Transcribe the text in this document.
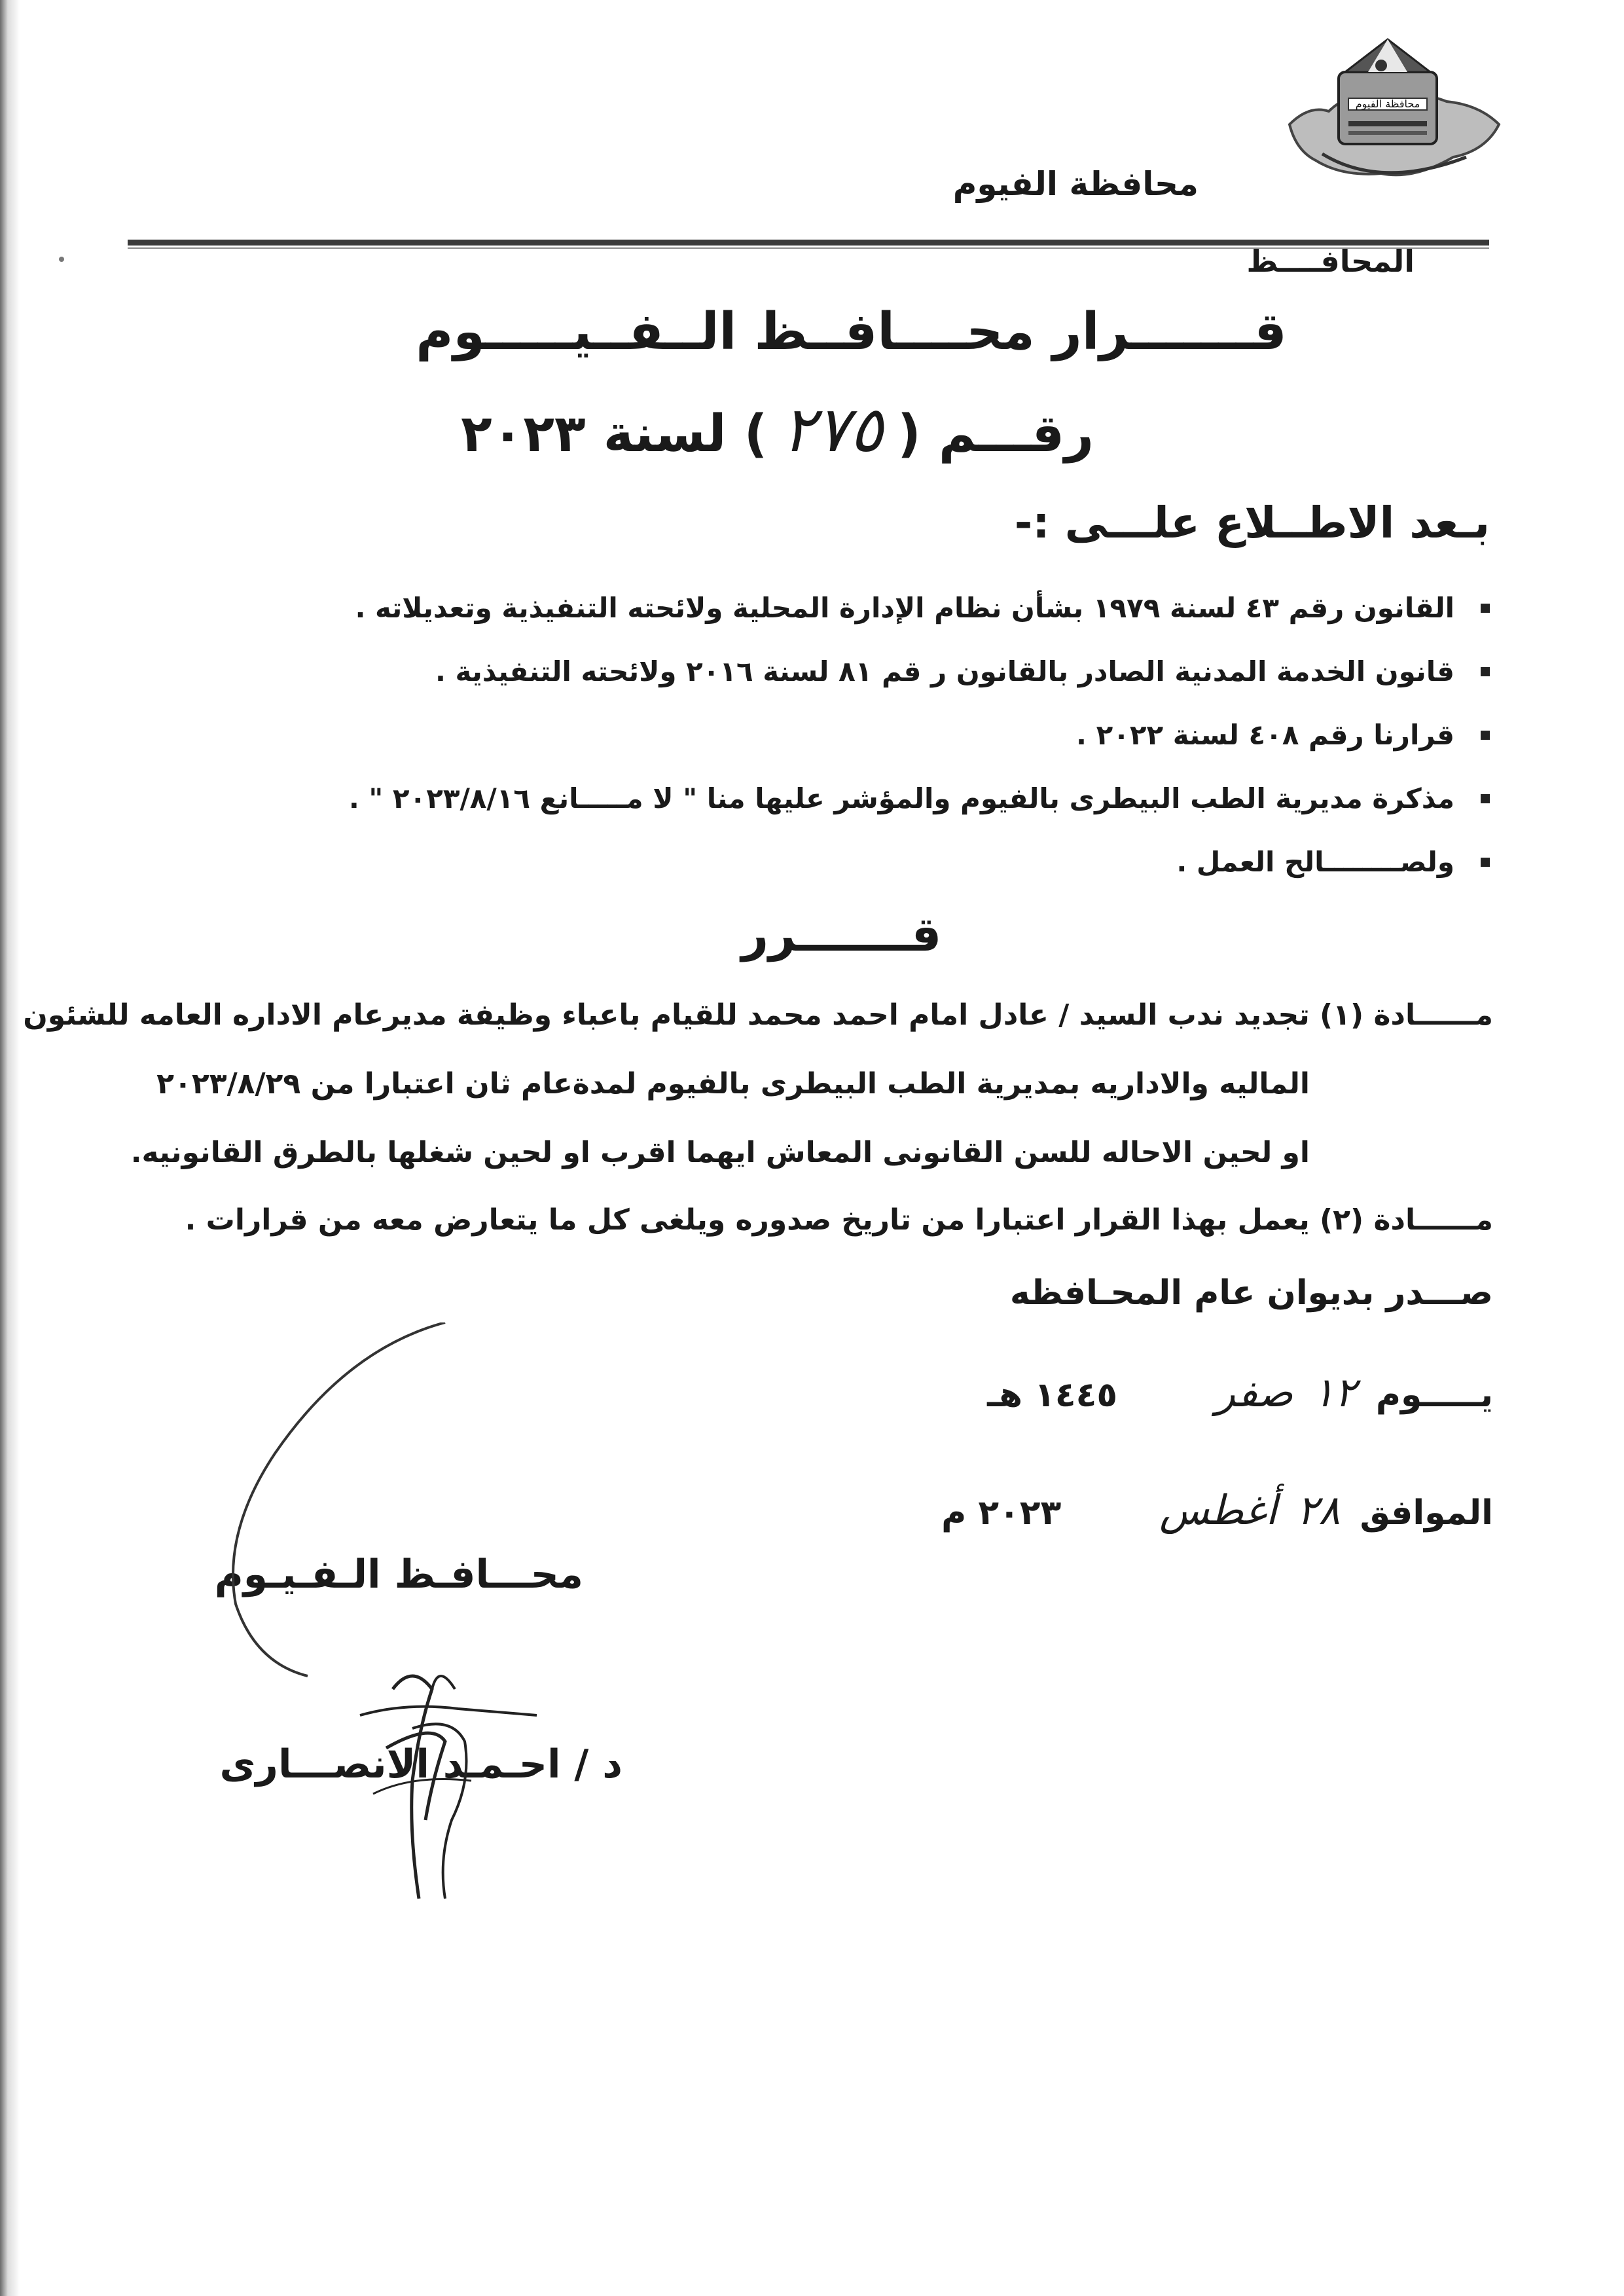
محافظة الفيوم
محافظة الفيوم
المحافــــظ
قـــــــرار محــــافــظ الــفــيـــــوم
رقـــم (
٢٧٥
) لسنة ٢٠٢٣
بـعد الاطــلاع علـــى :-
القانون رقم ٤٣ لسنة ١٩٧٩ بشأن نظام الإدارة المحلية ولائحته التنفيذية وتعديلاته .
قانون الخدمة المدنية الصادر بالقانون ر قم ٨١ لسنة ٢٠١٦ ولائحته التنفيذية .
قرارنا رقم ٤٠٨ لسنة ٢٠٢٢ .
مذكرة مديرية الطب البيطرى بالفيوم والمؤشر عليها منا " لا مـــــانع ٢٠٢٣/٨/١٦ " .
ولصــــــــالح العمل .
قـــــــرر
مــــــادة (١) تجديد ندب السيد / عادل امام احمد محمد للقيام باعباء وظيفة مديرعام الاداره العامه للشئون
الماليه والاداريه بمديرية الطب البيطرى بالفيوم لمدةعام ثان اعتبارا من ٢٠٢٣/٨/٢٩
او لحين الاحاله للسن القانونى المعاش ايهما اقرب او لحين شغلها بالطرق القانونيه.
مــــــادة (٢) يعمل بهذا القرار اعتبارا من تاريخ صدوره ويلغى كل ما يتعارض معه من قرارات .
صـــدر بديوان عام المحـافظه
يـــــوم
١٢
صفر
١٤٤٥ هـ
الموافق
٢٨
أغطس
٢٠٢٣ م
محـــافـظ الـفـيـوم
د / احـمـد الانصـــارى
